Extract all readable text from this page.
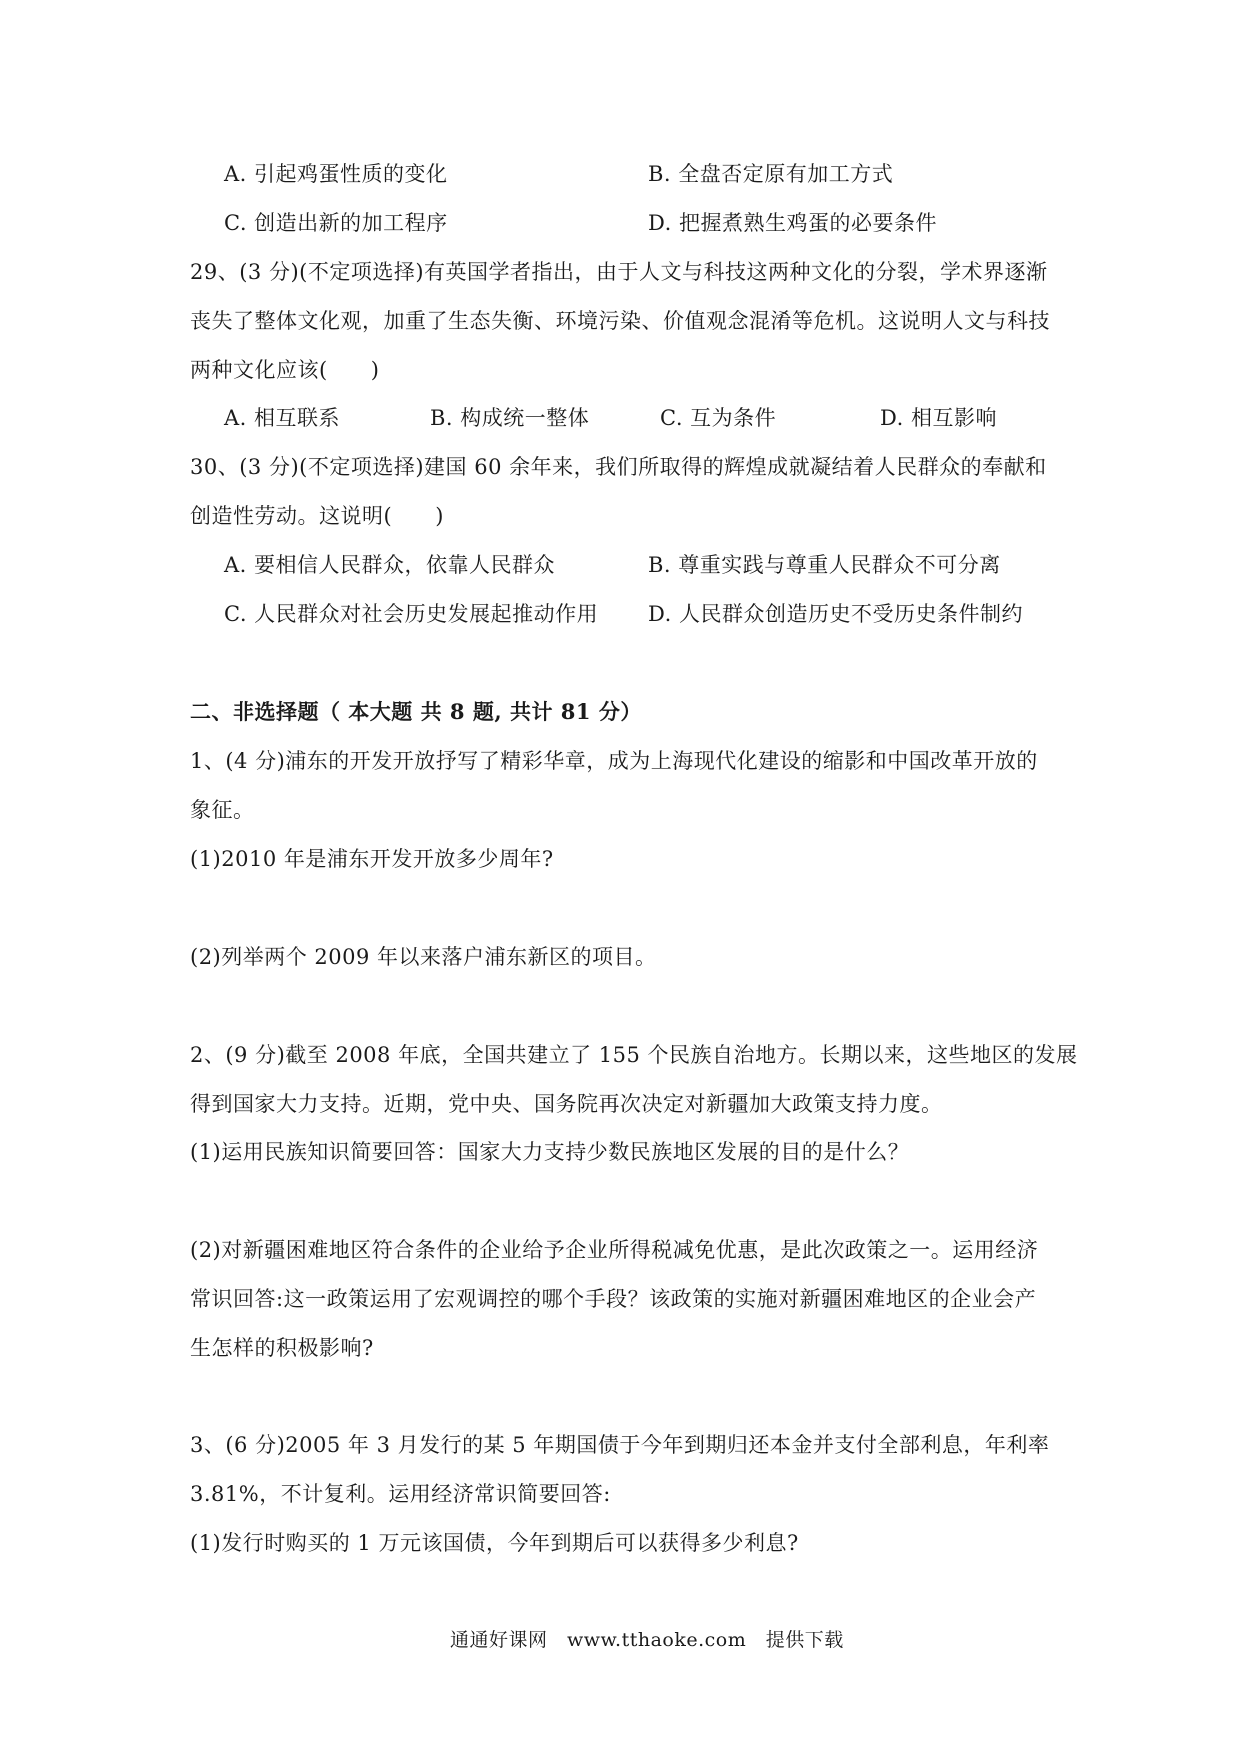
A. 引起鸡蛋性质的变化	B. 全盘否定原有加工方式
C. 创造出新的加工程序	D. 把握煮熟生鸡蛋的必要条件
29、(3 分)(不定项选择)有英国学者指出，由于人文与科技这两种文化的分裂，学术界逐渐
丧失了整体文化观，加重了生态失衡、环境污染、价值观念混淆等危机。这说明人文与科技
两种文化应该(　　)
A. 相互联系	B. 构成统一整体	C. 互为条件	D. 相互影响
30、(3 分)(不定项选择)建国 60 余年来，我们所取得的辉煌成就凝结着人民群众的奉献和
创造性劳动。这说明(　　)
A. 要相信人民群众，依靠人民群众	B. 尊重实践与尊重人民群众不可分离
C. 人民群众对社会历史发展起推动作用 D. 人民群众创造历史不受历史条件制约
二、非选择题（ 本大题 共 8 题, 共计 81 分）
1、(4 分)浦东的开发开放抒写了精彩华章，成为上海现代化建设的缩影和中国改革开放的
象征。
(1)2010 年是浦东开发开放多少周年?
(2)列举两个 2009 年以来落户浦东新区的项目。
2、(9 分)截至 2008 年底，全国共建立了 155 个民族自治地方。长期以来，这些地区的发展
得到国家大力支持。近期，党中央、国务院再次决定对新疆加大政策支持力度。
(1)运用民族知识简要回答：国家大力支持少数民族地区发展的目的是什么？
(2)对新疆困难地区符合条件的企业给予企业所得税减免优惠，是此次政策之一。运用经济
常识回答:这一政策运用了宏观调控的哪个手段？该政策的实施对新疆困难地区的企业会产
生怎样的积极影响?
3、(6 分)2005 年 3 月发行的某 5 年期国债于今年到期归还本金并支付全部利息，年利率
3.81%，不计复利。运用经济常识简要回答:
(1)发行时购买的 1 万元该国债，今年到期后可以获得多少利息?
通通好课网　www.tthaoke.com　提供下载
